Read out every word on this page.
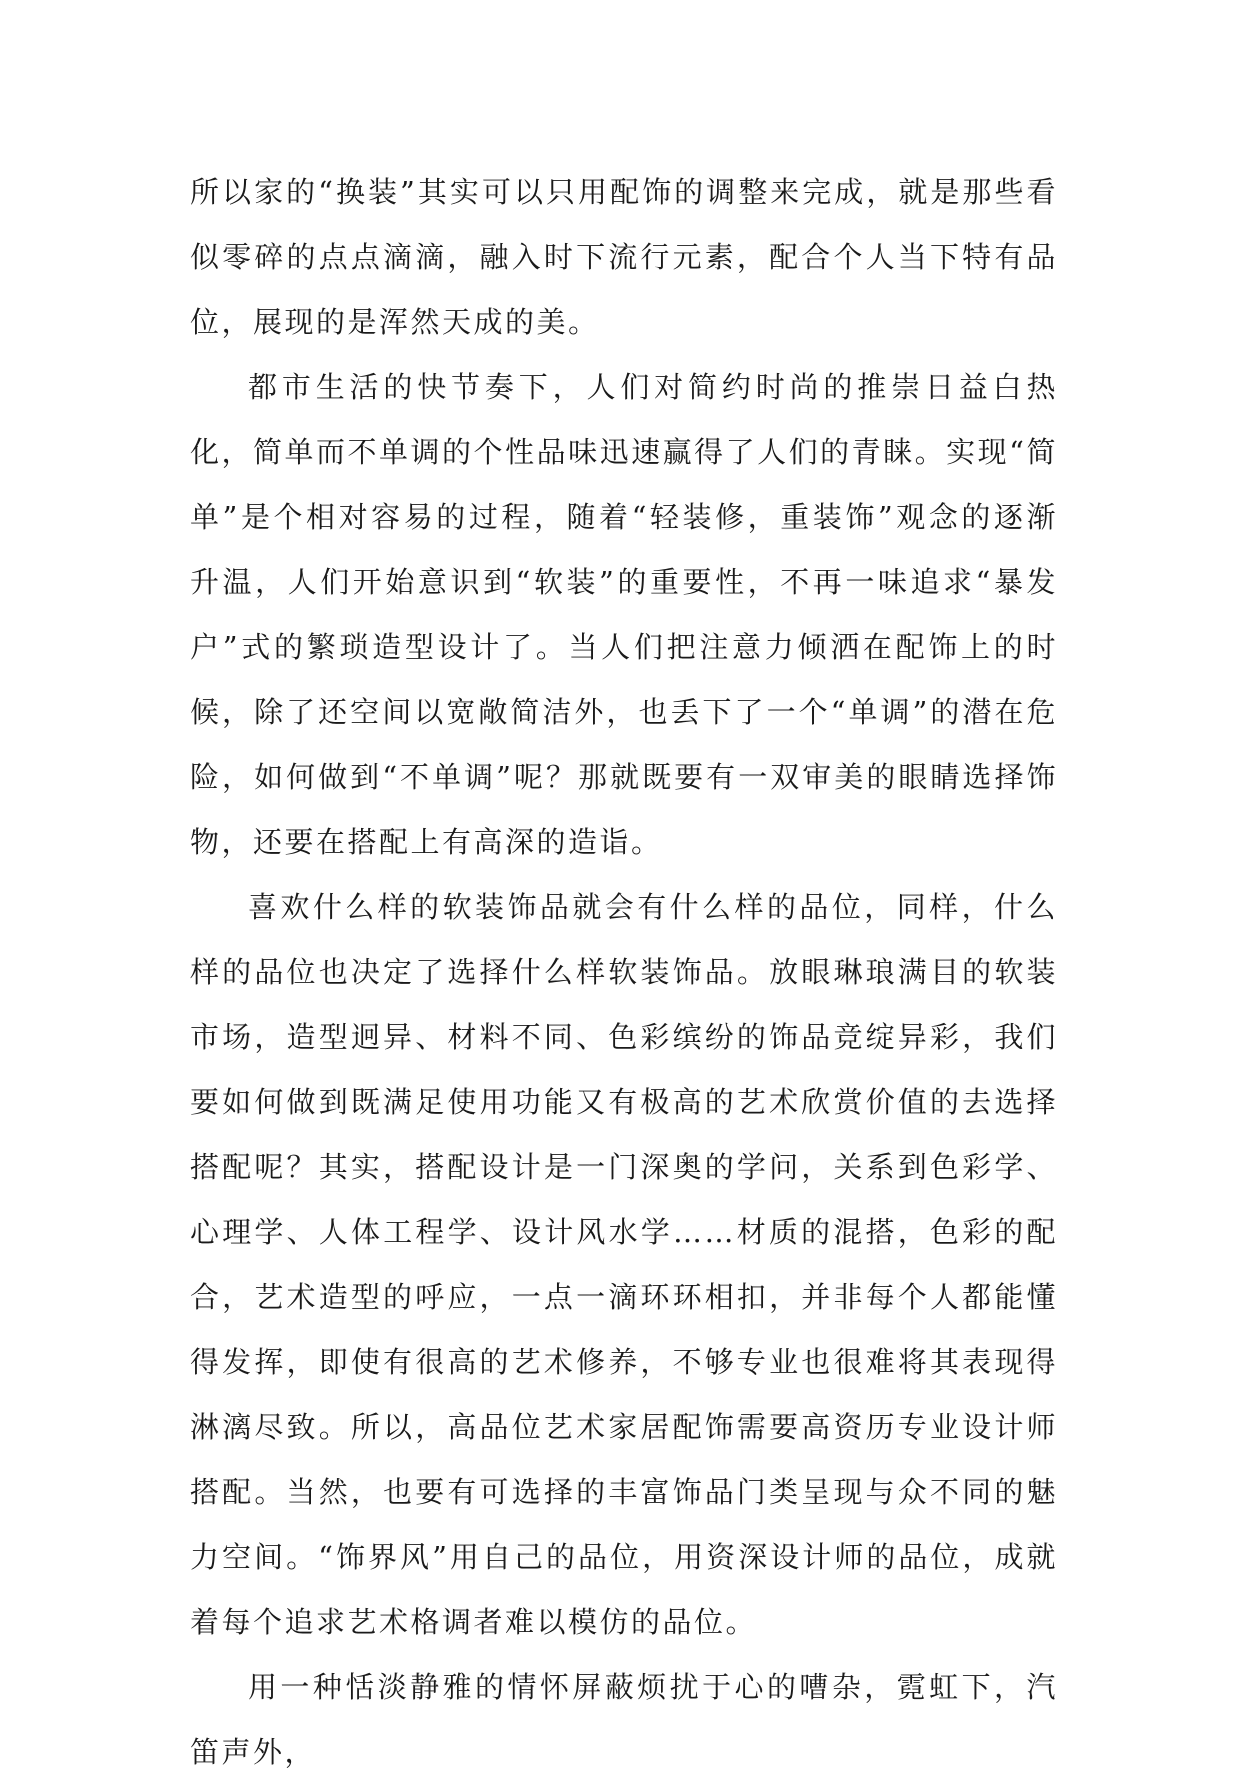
所以家的“换装”其实可以只用配饰的调整来完成，就是那些看似零碎的点点滴滴，融入时下流行元素，配合个人当下特有品位，展现的是浑然天成的美。

都市生活的快节奏下，人们对简约时尚的推崇日益白热化，简单而不单调的个性品味迅速赢得了人们的青睐。实现“简单”是个相对容易的过程，随着“轻装修，重装饰”观念的逐渐升温，人们开始意识到“软装”的重要性，不再一味追求“暴发户”式的繁琐造型设计了。当人们把注意力倾洒在配饰上的时候，除了还空间以宽敞简洁外，也丢下了一个“单调”的潜在危险，如何做到“不单调”呢？那就既要有一双审美的眼睛选择饰物，还要在搭配上有高深的造诣。

喜欢什么样的软装饰品就会有什么样的品位，同样，什么样的品位也决定了选择什么样软装饰品。放眼琳琅满目的软装市场，造型迥异、材料不同、色彩缤纷的饰品竞绽异彩，我们要如何做到既满足使用功能又有极高的艺术欣赏价值的去选择搭配呢？其实，搭配设计是一门深奥的学问，关系到色彩学、心理学、人体工程学、设计风水学……材质的混搭，色彩的配合，艺术造型的呼应，一点一滴环环相扣，并非每个人都能懂得发挥，即使有很高的艺术修养，不够专业也很难将其表现得淋漓尽致。所以，高品位艺术家居配饰需要高资历专业设计师搭配。当然，也要有可选择的丰富饰品门类呈现与众不同的魅力空间。“饰界风”用自己的品位，用资深设计师的品位，成就着每个追求艺术格调者难以模仿的品位。

用一种恬淡静雅的情怀屏蔽烦扰于心的嘈杂，霓虹下，汽笛声外，
